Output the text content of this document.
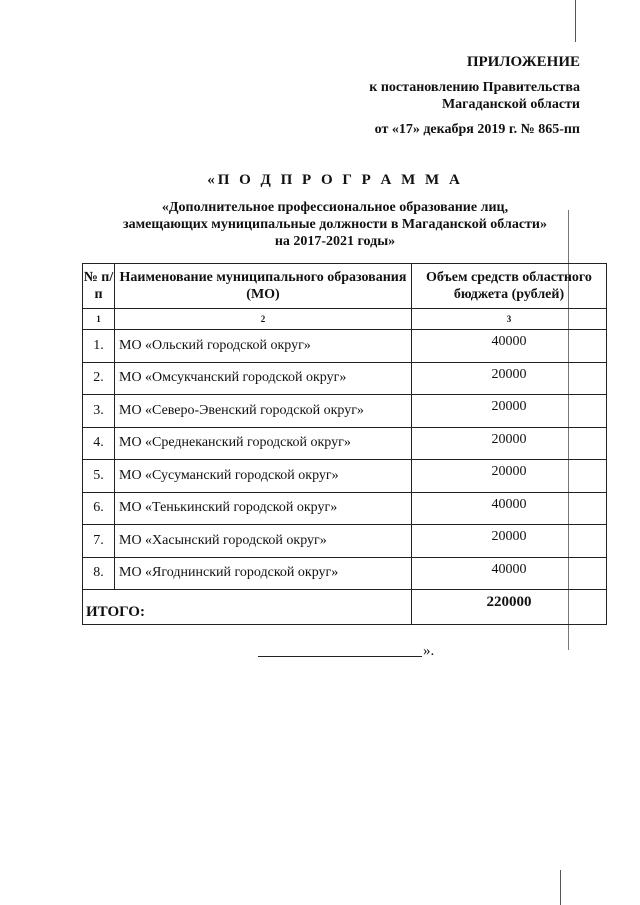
ПРИЛОЖЕНИЕ
к постановлению Правительства
Магаданской области
от «17» декабря 2019 г. № 865-пп
«П О Д П Р О Г Р А М М А
«Дополнительное профессиональное образование лиц,
замещающих муниципальные должности в Магаданской области»
на 2017-2021 годы»
№ п/п	Наименование муниципального образования (МО)	Объем средств областного бюджета (рублей)
1	2	3
1.	МО «Ольский городской округ»	40000
2.	МО «Омсукчанский городской округ»	20000
3.	МО «Северо-Эвенский городской округ»	20000
4.	МО «Среднеканский городской округ»	20000
5.	МО «Сусуманский городской округ»	20000
6.	МО «Тенькинский городской округ»	40000
7.	МО «Хасынский городской округ»	20000
8.	МО «Ягоднинский городской округ»	40000
ИТОГО:		220000
».
